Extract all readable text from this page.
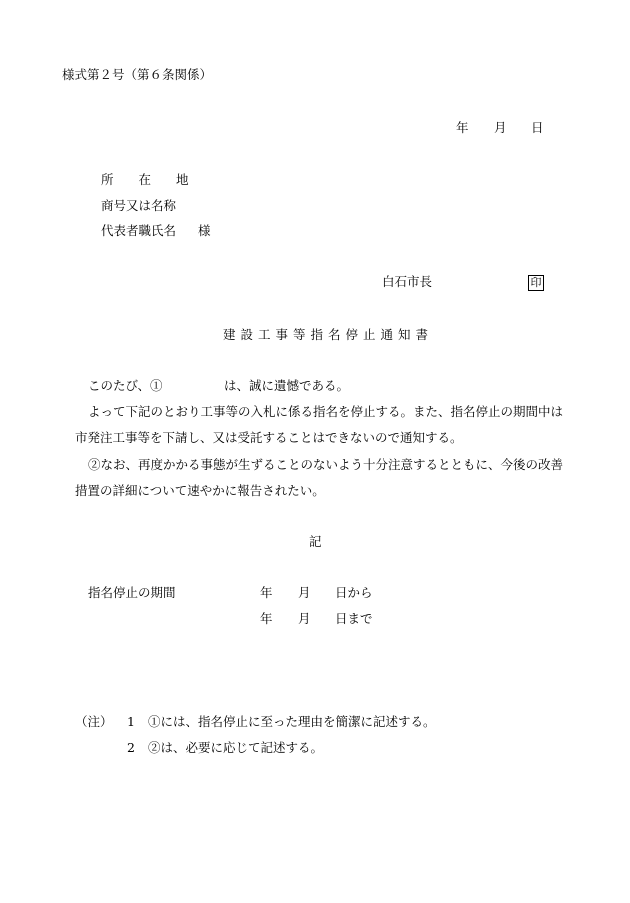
様式第２号（第６条関係）
年 月 日
所　　在　　地
商号又は名称
代表者職氏名 様
白石市長	印
建設工事等指名停止通知書
このたび、①	は、誠に遺憾である。
よって下記のとおり工事等の入札に係る指名を停止する。また、指名停止の期間中は
市発注工事等を下請し、又は受託することはできないので通知する。
②なお、再度かかる事態が生ずることのないよう十分注意するとともに、今後の改善
措置の詳細について速やかに報告されたい。
記
指名停止の期間	年 月 日から
年 月 日まで
（注） 1 ①には、指名停止に至った理由を簡潔に記述する。
2 ②は、必要に応じて記述する。
